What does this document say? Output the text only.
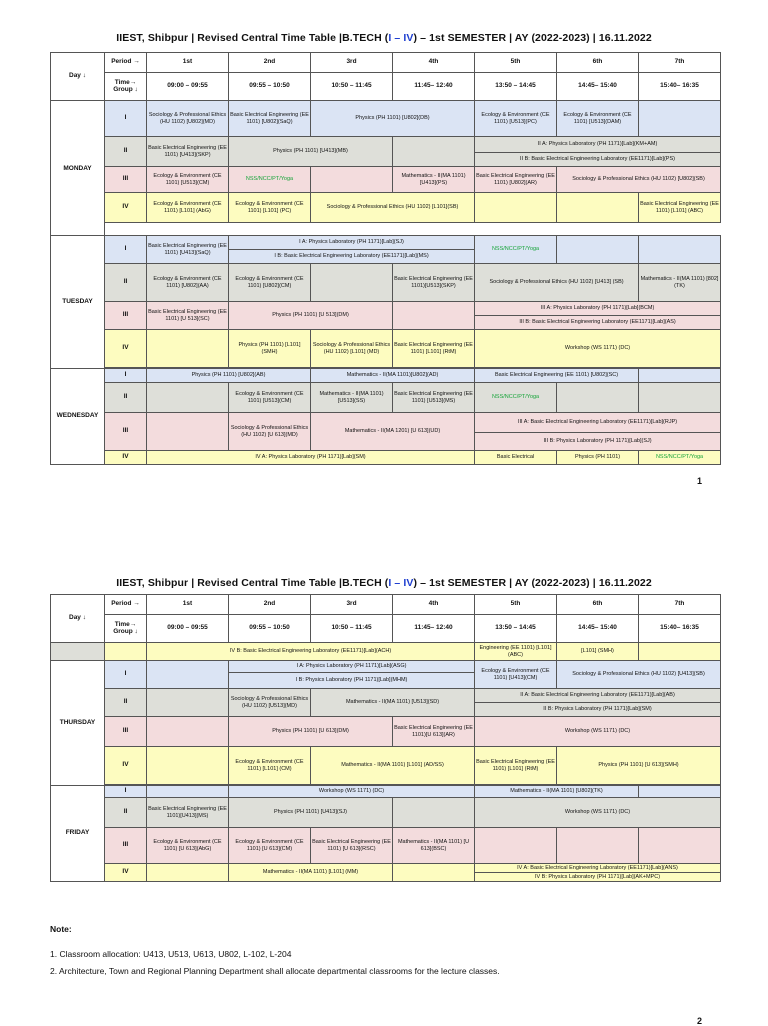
IIEST, Shibpur | Revised Central Time Table |B.TECH (I – IV) – 1st SEMESTER | AY (2022-2023) | 16.11.2022
Day ↓	Period →	1st	2nd	3rd	4th	5th	6th	7th
	Time→ Group ↓	09:00 – 09:55	09:55 – 10:50	10:50 – 11:45	11:45– 12:40	13:50 – 14:45	14:45– 15:40	15:40– 16:35
MONDAY	I	Sociology & Professional Ethics (HU 1102) [U802](MD)	Basic Electrical Engineering (EE 1101) [U802](SaQ)	Physics (PH 1101) [U802](DB)		Ecology & Environment (CE 1101) [U513](PC)	Ecology & Environment (CE 1101) [U513](DAM)	
	II	Basic Electrical Engineering (EE 1101) [U413](SKP)	Physics (PH 1101) [U413](MB)			II A: Physics Laboratory (PH 1171)[Lab](KM+AM)		
						II B: Basic Electrical Engineering Laboratory (EE1171)[Lab](PS)		
	III	Ecology & Environment (CE 1101) [U513](CM)	NSS/NCC/PT/Yoga		Mathematics - II(MA 1101) [U413](PS)	Basic Electrical Engineering (EE 1101) [U802](AR)	Sociology & Professional Ethics (HU 1102) [U802](SB)	
	IV	Ecology & Environment (CE 1101) [L101] (AbG)	Ecology & Environment (CE 1101) [L101] (PC)	Sociology & Professional Ethics (HU 1102) [L101](SB)				Basic Electrical Engineering (EE 1101) [L101] (ABC)

TUESDAY	I	Basic Electrical Engineering (EE 1101) [U413](SaQ)	I A: Physics Laboratory (PH 1171)[Lab](SJ)			NSS/NCC/PT/Yoga		
			I B: Basic Electrical Engineering Laboratory (EE1171)[Lab](MS)					
	II	Ecology & Environment (CE 1101) [U802](AA)	Ecology & Environment (CE 1101) [U802](CM)		Basic Electrical Engineering (EE 1101)[U513](SKP)	Sociology & Professional Ethics (HU 1102) [U413] (SB)		Mathematics - II(MA 1101) [802](TK)
	III	Basic Electrical Engineering (EE 1101) [U 513](SC)	Physics (PH 1101) [U 513](DM)			III A: Physics Laboratory (PH 1171)[Lab](BCM)		
						III B: Basic Electrical Engineering Laboratory (EE1171)[Lab](AS)		
	IV		Physics (PH 1101) [L101] (SMH)	Sociology & Professional Ethics (HU 1102) [L101] (MD)	Basic Electrical Engineering (EE 1101) [L101] (RtM)	Workshop (WS 1171) (DC)		

WEDNESDAY	I	Physics (PH 1101) [U802](AB)		Mathematics - II(MA 1101)[U802](AD)		Basic Electrical Engineering (EE 1101) [U802](SC)		
	II		Ecology & Environment (CE 1101) [U513](CM)	Mathematics - II(MA 1101) [U513](SS)	Basic Electrical Engineering (EE 1101) [U513](MS)	NSS/NCC/PT/Yoga		
	III		Sociology & Professional Ethics (HU 1102) [U 613](MD)	Mathematics - II(MA 1201) [U 613](UD)		III A: Basic Electrical Engineering Laboratory (EE1171)[Lab](RJP)		
						III B: Physics Laboratory (PH 1171)[Lab](SJ)		
	IV	IV A: Physics Laboratory (PH 1171)[Lab](SM)				Basic Electrical	Physics (PH 1101)	NSS/NCC/PT/Yoga
1
IIEST, Shibpur | Revised Central Time Table |B.TECH (I – IV) – 1st SEMESTER | AY (2022-2023) | 16.11.2022
Day ↓	Period →	1st	2nd	3rd	4th	5th	6th	7th
	Time→ Group ↓	09:00 – 09:55	09:55 – 10:50	10:50 – 11:45	11:45– 12:40	13:50 – 14:45	14:45– 15:40	15:40– 16:35
		IV B: Basic Electrical Engineering Laboratory (EE1171)[Lab](ACH)				Engineering (EE 1101) [L101] (ABC)	[L101] (SMH)	
THURSDAY	I		I A: Physics Laboratory (PH 1171)[Lab](ASG)			Ecology & Environment (CE 1101) [U413](CM)	Sociology & Professional Ethics (HU 1102) [U413](SB)	
			I B: Physics Laboratory (PH 1171)[Lab](MHM)					
	II		Sociology & Professional Ethics (HU 1102) [U513](MD)	Mathematics - II(MA 1101) [U513](SD)		II A: Basic Electrical Engineering Laboratory (EE1171)[Lab](AB)		
						II B: Physics Laboratory (PH 1171)[Lab](SM)		
	III		Physics (PH 1101) [U 613](DM)		Basic Electrical Engineering (EE 1101)[U 613](AR)	Workshop (WS 1171) (DC)		
	IV		Ecology & Environment (CE 1101) [L101] (CM)	Mathematics - II(MA 1101) [L101] (AD/SS)		Basic Electrical Engineering (EE 1101) [L101] (RtM)	Physics (PH 1101) [U 613](SMH)	

FRIDAY	I		Workshop (WS 1171) (DC)			Mathematics - II(MA 1101) [U802](TK)		
	II	Basic Electrical Engineering (EE 1101)[U413](MS)	Physics (PH 1101) [U413](SJ)			Workshop (WS 1171) (DC)		
	III	Ecology & Environment (CE 1101) [U 613](AbG)	Ecology & Environment (CE 1101) [U 613](CM)	Basic Electrical Engineering (EE 1101) [U 613](RSC)	Mathematics - II(MA 1101) [U 613](BSC)			
	IV		Mathematics - II(MA 1101) [L101] (MM)			IV A: Basic Electrical Engineering Laboratory (EE1171)[Lab](ANS)		
						IV B: Physics Laboratory (PH 1171)[Lab](AK+MPC)		
Note:
1. Classroom allocation: U413, U513, U613, U802, L-102, L-204
2. Architecture, Town and Regional Planning Department shall allocate departmental classrooms for the lecture classes.
2
